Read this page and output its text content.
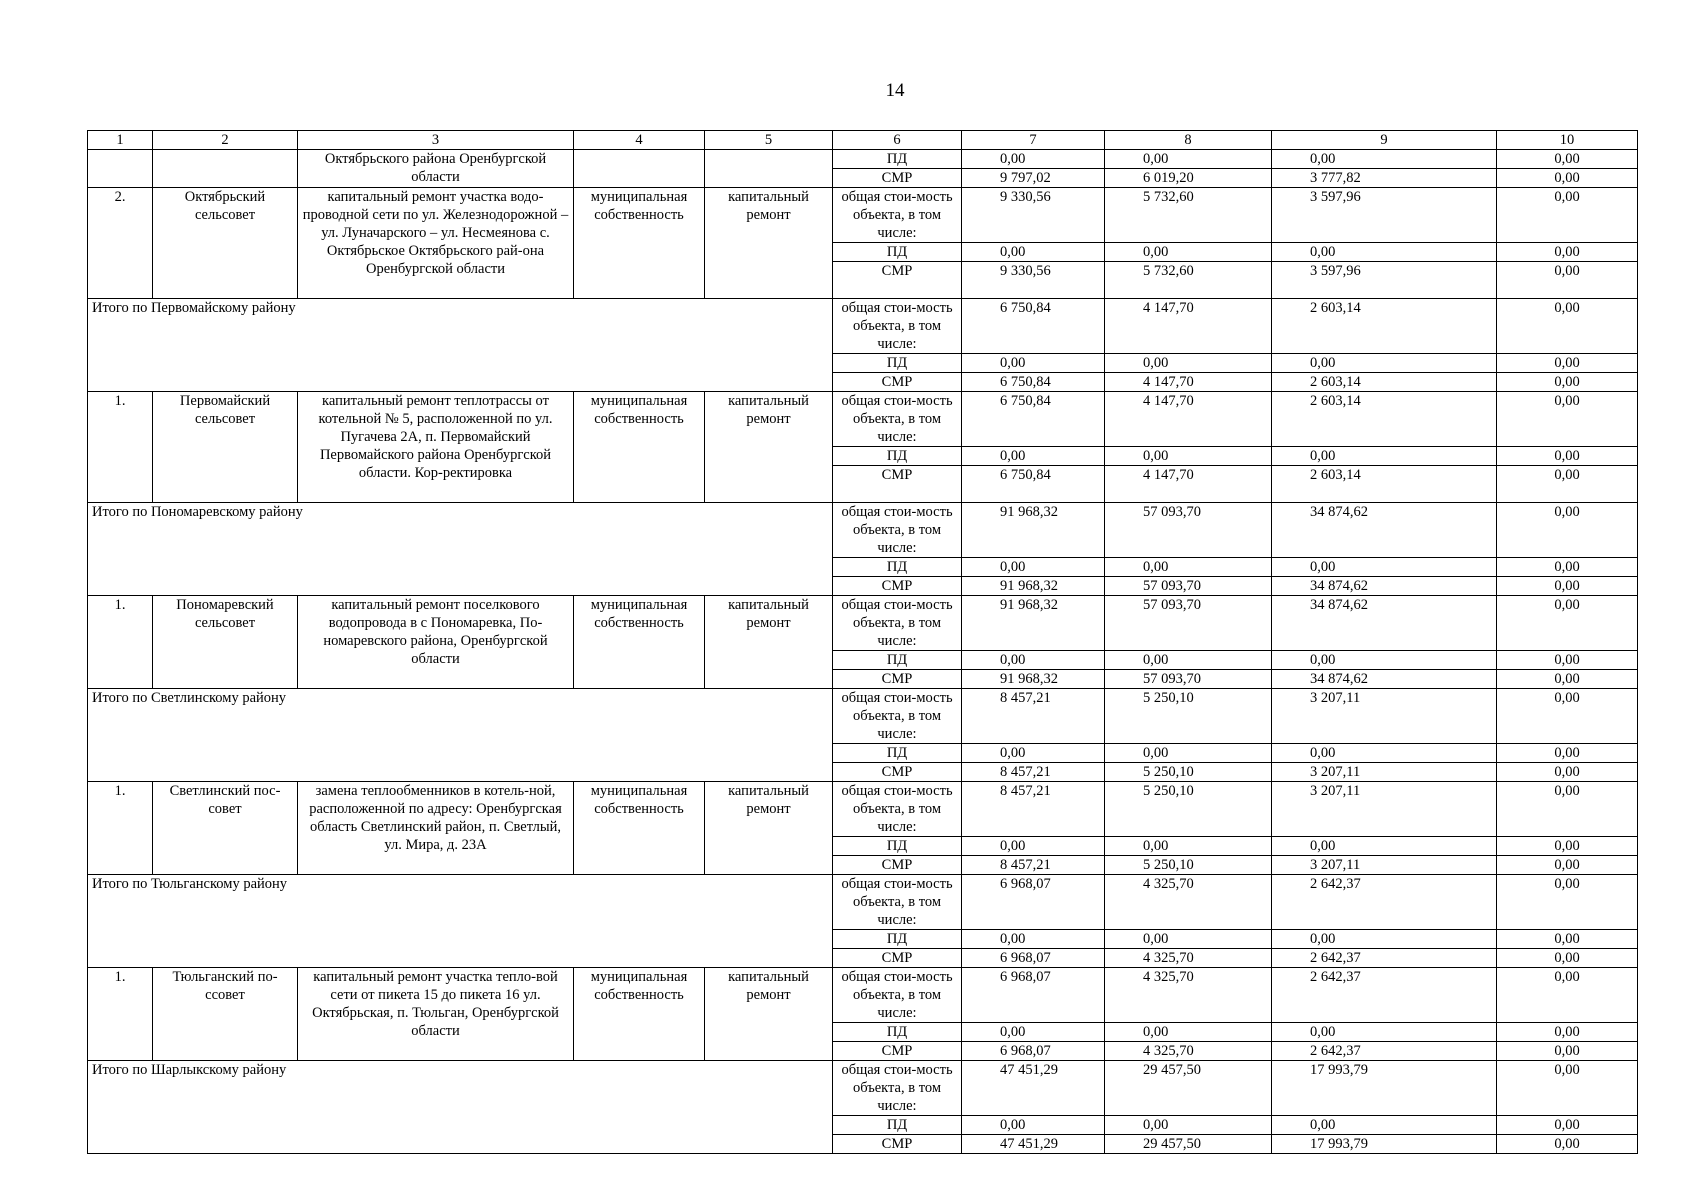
14
1	2	3	4	5	6	7	8	9	10
		Октябрьского района Оренбургской области			ПД	0,00	0,00	0,00	0,00
					СМР	9 797,02	6 019,20	3 777,82	0,00
2.	Октябрьский сельсовет	капитальный ремонт участка водо-проводной сети по ул. Железнодорожной – ул. Луначарского – ул. Несмеянова с. Октябрьское Октябрьского рай-она Оренбургской области	муниципальная собственность	капитальный ремонт	общая стои-мость объекта, в том числе:	9 330,56	5 732,60	3 597,96	0,00
					ПД	0,00	0,00	0,00	0,00
					СМР	9 330,56	5 732,60	3 597,96	0,00
Итого по Первомайскому району					общая стои-мость объекта, в том числе:	6 750,84	4 147,70	2 603,14	0,00
					ПД	0,00	0,00	0,00	0,00
					СМР	6 750,84	4 147,70	2 603,14	0,00
1.	Первомайский сельсовет	капитальный ремонт теплотрассы от котельной № 5, расположенной по ул. Пугачева 2А, п. Первомайский Первомайского района Оренбургской области. Кор-ректировка	муниципальная собственность	капитальный ремонт	общая стои-мость объекта, в том числе:	6 750,84	4 147,70	2 603,14	0,00
					ПД	0,00	0,00	0,00	0,00
					СМР	6 750,84	4 147,70	2 603,14	0,00
Итого по Пономаревскому району					общая стои-мость объекта, в том числе:	91 968,32	57 093,70	34 874,62	0,00
					ПД	0,00	0,00	0,00	0,00
					СМР	91 968,32	57 093,70	34 874,62	0,00
1.	Пономаревский сельсовет	капитальный ремонт поселкового водопровода в с Пономаревка, По-номаревского района, Оренбургской области	муниципальная собственность	капитальный ремонт	общая стои-мость объекта, в том числе:	91 968,32	57 093,70	34 874,62	0,00
					ПД	0,00	0,00	0,00	0,00
					СМР	91 968,32	57 093,70	34 874,62	0,00
Итого по Светлинскому району					общая стои-мость объекта, в том числе:	8 457,21	5 250,10	3 207,11	0,00
					ПД	0,00	0,00	0,00	0,00
					СМР	8 457,21	5 250,10	3 207,11	0,00
1.	Светлинский пос-совет	замена теплообменников в котель-ной, расположенной по адресу: Оренбургская область Светлинский район, п. Светлый, ул. Мира, д. 23А	муниципальная собственность	капитальный ремонт	общая стои-мость объекта, в том числе:	8 457,21	5 250,10	3 207,11	0,00
					ПД	0,00	0,00	0,00	0,00
					СМР	8 457,21	5 250,10	3 207,11	0,00
Итого по Тюльганскому району					общая стои-мость объекта, в том числе:	6 968,07	4 325,70	2 642,37	0,00
					ПД	0,00	0,00	0,00	0,00
					СМР	6 968,07	4 325,70	2 642,37	0,00
1.	Тюльганский по-ссовет	капитальный ремонт участка тепло-вой сети от пикета 15 до пикета 16 ул. Октябрьская, п. Тюльган, Оренбургской области	муниципальная собственность	капитальный ремонт	общая стои-мость объекта, в том числе:	6 968,07	4 325,70	2 642,37	0,00
					ПД	0,00	0,00	0,00	0,00
					СМР	6 968,07	4 325,70	2 642,37	0,00
Итого по Шарлыкскому району					общая стои-мость объекта, в том числе:	47 451,29	29 457,50	17 993,79	0,00
					ПД	0,00	0,00	0,00	0,00
					СМР	47 451,29	29 457,50	17 993,79	0,00
